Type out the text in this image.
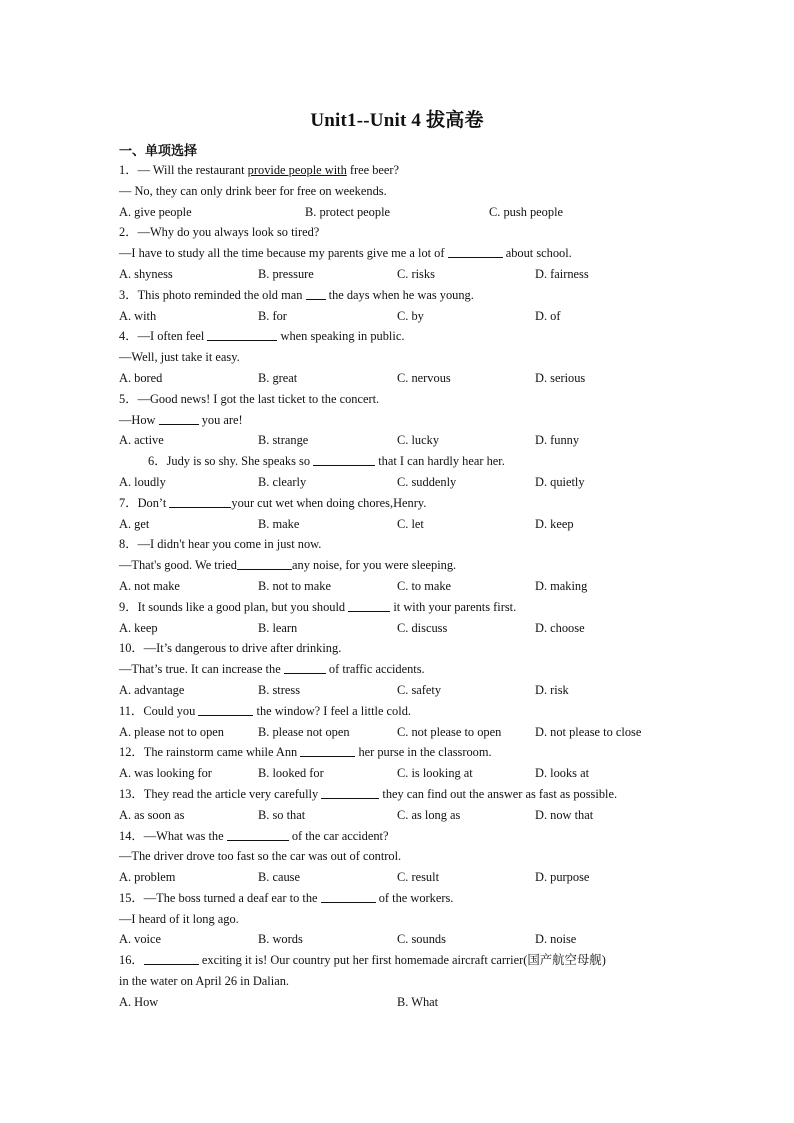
Unit1--Unit 4 拔高卷
一、单项选择
1．— Will the restaurant provide people with free beer?
— No, they can only drink beer for free on weekends.
A. give people	B. protect people	C. push people
2．—Why do you always look so tired?
—I have to study all the time because my parents give me a lot of	about school.
A. shyness	B. pressure	C. risks	D. fairness
3．This photo reminded the old man  the days when he was young.
A. with	B. for	C. by	D. of
4．—I often feel	when speaking in public.
—Well, just take it easy.
A. bored	B. great	C. nervous	D. serious
5．—Good news! I got the last ticket to the concert.
—How	you are!
A. active	B. strange	C. lucky	D. funny
6．Judy is so shy. She speaks so	that I can hardly hear her.
A. loudly	B. clearly	C. suddenly	D. quietly
7．Don’t	your cut wet when doing chores,Henry.
A. get	B. make	C. let	D. keep
8．—I didn't hear you come in just now.
—That's good. We tried	any noise, for you were sleeping.
A. not make	B. not to make	C. to make	D. making
9．It sounds like a good plan, but you should	it with your parents first.
A. keep	B. learn	C. discuss	D. choose
10．—It’s dangerous to drive after drinking.
—That’s true. It can increase the	of traffic accidents.
A. advantage	B. stress	C. safety	D. risk
11．Could you	the window? I feel a little cold.
A. please not to open	B. please not open	C. not please to open	D. not please to close
12．The rainstorm came while Ann	her purse in the classroom.
A. was looking for	B. looked for	C. is looking at	D. looks at
13．They read the article very carefully	they can find out the answer as fast as possible.
A. as soon as	B. so that	C. as long as	D. now that
14．—What was the	of the car accident?
—The driver drove too fast so the car was out of control.
A. problem	B. cause	C. result	D. purpose
15．—The boss turned a deaf ear to the	of the workers.
—I heard of it long ago.
A. voice	B. words	C. sounds	D. noise
16．	exciting it is! Our country put her first homemade aircraft carrier(国产航空母舰)
in the water on April 26 in Dalian.
A. How	B. What
